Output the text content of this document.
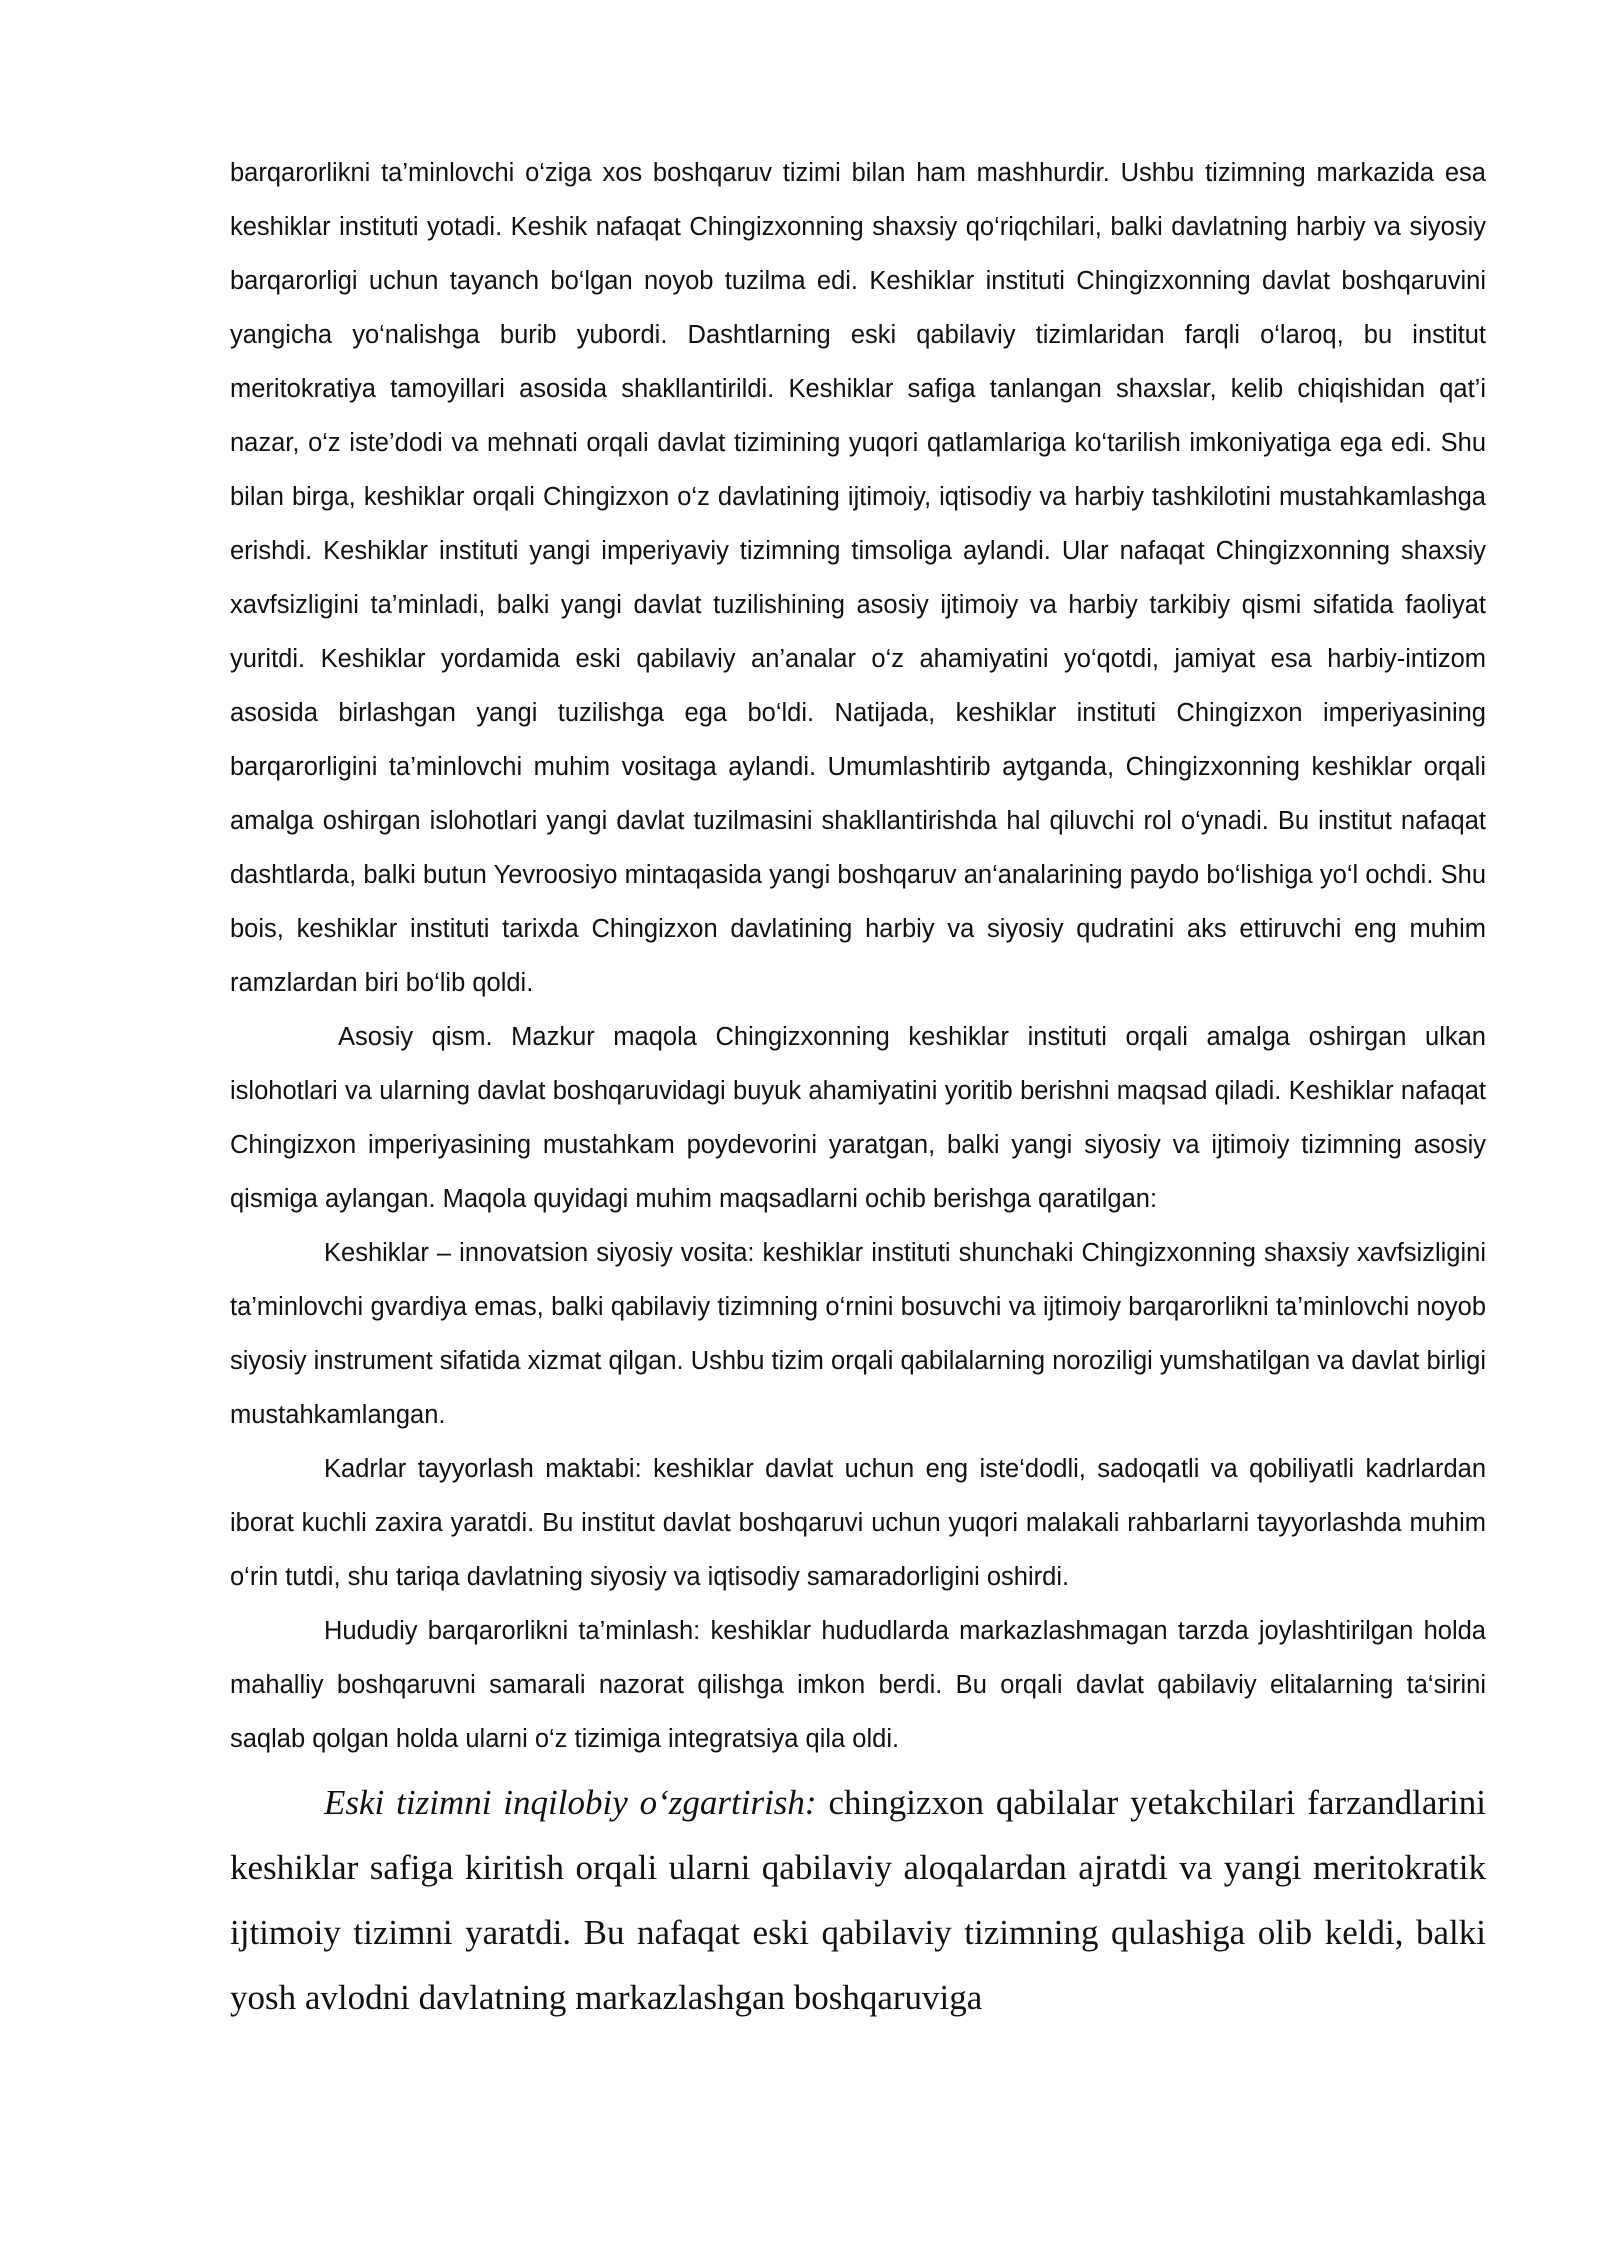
barqarorlikni ta’minlovchi o‘ziga xos boshqaruv tizimi bilan ham mashhurdir. Ushbu tizimning markazida esa keshiklar instituti yotadi. Keshik nafaqat Chingizxonning shaxsiy qo‘riqchilari, balki davlatning harbiy va siyosiy barqarorligi uchun tayanch bo‘lgan noyob tuzilma edi. Keshiklar instituti Chingizxonning davlat boshqaruvini yangicha yo‘nalishga burib yubordi. Dashtlarning eski qabilaviy tizimlaridan farqli o‘laroq, bu institut meritokratiya tamoyillari asosida shakllantirildi. Keshiklar safiga tanlangan shaxslar, kelib chiqishidan qat’i nazar, o‘z iste’dodi va mehnati orqali davlat tizimining yuqori qatlamlariga ko‘tarilish imkoniyatiga ega edi. Shu bilan birga, keshiklar orqali Chingizxon o‘z davlatining ijtimoiy, iqtisodiy va harbiy tashkilotini mustahkamlashga erishdi. Keshiklar instituti yangi imperiyaviy tizimning timsoliga aylandi. Ular nafaqat Chingizxonning shaxsiy xavfsizligini ta’minladi, balki yangi davlat tuzilishining asosiy ijtimoiy va harbiy tarkibiy qismi sifatida faoliyat yuritdi. Keshiklar yordamida eski qabilaviy an’analar o‘z ahamiyatini yo‘qotdi, jamiyat esa harbiy-intizom asosida birlashgan yangi tuzilishga ega bo‘ldi. Natijada, keshiklar instituti Chingizxon imperiyasining barqarorligini ta’minlovchi muhim vositaga aylandi. Umumlashtirib aytganda, Chingizxonning keshiklar orqali amalga oshirgan islohotlari yangi davlat tuzilmasini shakllantirishda hal qiluvchi rol o‘ynadi. Bu institut nafaqat dashtlarda, balki butun Yevroosiyo mintaqasida yangi boshqaruv an‘analarining paydo bo‘lishiga yo‘l ochdi. Shu bois, keshiklar instituti tarixda Chingizxon davlatining harbiy va siyosiy qudratini aks ettiruvchi eng muhim ramzlardan biri bo‘lib qoldi.

Asosiy qism. Mazkur maqola Chingizxonning keshiklar instituti orqali amalga oshirgan ulkan islohotlari va ularning davlat boshqaruvidagi buyuk ahamiyatini yoritib berishni maqsad qiladi. Keshiklar nafaqat Chingizxon imperiyasining mustahkam poydevorini yaratgan, balki yangi siyosiy va ijtimoiy tizimning asosiy qismiga aylangan. Maqola quyidagi muhim maqsadlarni ochib berishga qaratilgan:

Keshiklar – innovatsion siyosiy vosita: keshiklar instituti shunchaki Chingizxonning shaxsiy xavfsizligini ta’minlovchi gvardiya emas, balki qabilaviy tizimning o‘rnini bosuvchi va ijtimoiy barqarorlikni ta’minlovchi noyob siyosiy instrument sifatida xizmat qilgan. Ushbu tizim orqali qabilalarning noroziligi yumshatilgan va davlat birligi mustahkamlangan.

Kadrlar tayyorlash maktabi: keshiklar davlat uchun eng iste‘dodli, sadoqatli va qobiliyatli kadrlardan iborat kuchli zaxira yaratdi. Bu institut davlat boshqaruvi uchun yuqori malakali rahbarlarni tayyorlashda muhim o‘rin tutdi, shu tariqa davlatning siyosiy va iqtisodiy samaradorligini oshirdi.

Hududiy barqarorlikni ta’minlash: keshiklar hududlarda markazlashmagan tarzda joylashtirilgan holda mahalliy boshqaruvni samarali nazorat qilishga imkon berdi. Bu orqali davlat qabilaviy elitalarning ta‘sirini saqlab qolgan holda ularni o‘z tizimiga integratsiya qila oldi.

Eski tizimni inqilobiy o‘zgartirish: chingizxon qabilalar yetakchilari farzandlarini keshiklar safiga kiritish orqali ularni qabilaviy aloqalardan ajratdi va yangi meritokratik ijtimoiy tizimni yaratdi. Bu nafaqat eski qabilaviy tizimning qulashiga olib keldi, balki yosh avlodni davlatning markazlashgan boshqaruviga
